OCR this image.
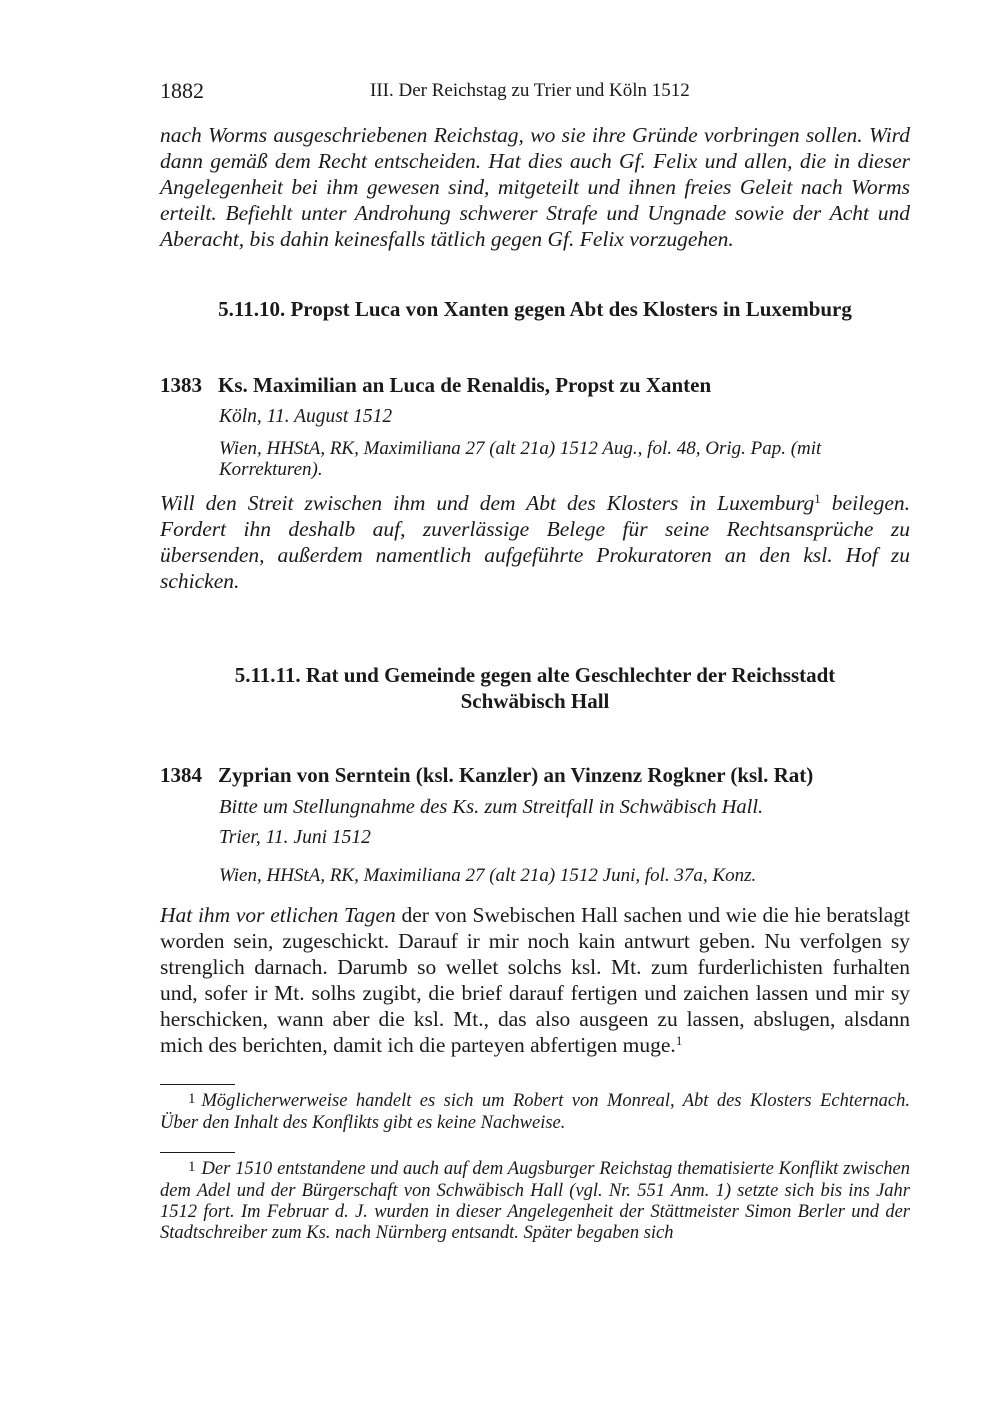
1882	III. Der Reichstag zu Trier und Köln 1512

nach Worms ausgeschriebenen Reichstag, wo sie ihre Gründe vorbringen sollen. Wird dann gemäß dem Recht entscheiden. Hat dies auch Gf. Felix und allen, die in dieser Angelegenheit bei ihm gewesen sind, mitgeteilt und ihnen freies Geleit nach Worms erteilt. Befiehlt unter Androhung schwerer Strafe und Ungnade sowie der Acht und Aberacht, bis dahin keinesfalls tätlich gegen Gf. Felix vorzugehen.

5.11.10. Propst Luca von Xanten gegen Abt des Klosters in Luxemburg

1383 Ks. Maximilian an Luca de Renaldis, Propst zu Xanten

Köln, 11. August 1512

Wien, HHStA, RK, Maximiliana 27 (alt 21a) 1512 Aug., fol. 48, Orig. Pap. (mit Korrekturen).

Will den Streit zwischen ihm und dem Abt des Klosters in Luxemburg$^1$ beilegen. Fordert ihn deshalb auf, zuverlässige Belege für seine Rechtsansprüche zu übersenden, außerdem namentlich aufgeführte Prokuratoren an den ksl. Hof zu schicken.

5.11.11. Rat und Gemeinde gegen alte Geschlechter der Reichsstadt

Schwäbisch Hall

1384 Zyprian von Serntein (ksl. Kanzler) an Vinzenz Rogkner (ksl. Rat)

Bitte um Stellungnahme des Ks. zum Streitfall in Schwäbisch Hall.

Trier, 11. Juni 1512

Wien, HHStA, RK, Maximiliana 27 (alt 21a) 1512 Juni, fol. 37a, Konz.

Hat ihm vor etlichen Tagen der von Swebischen Hall sachen und wie die hie beratslagt worden sein, zugeschickt. Darauf ir mir noch kain antwurt geben. Nu verfolgen sy strenglich darnach. Darumb so wellet solchs ksl. Mt. zum furderlichisten furhalten und, sofer ir Mt. solhs zugibt, die brief darauf fertigen und zaichen lassen und mir sy herschicken, wann aber die ksl. Mt., das also ausgeen zu lassen, abslugen, alsdann mich des berichten, damit ich die parteyen abfertigen muge.$^1$

1 Möglicherwerweise handelt es sich um Robert von Monreal, Abt des Klosters Echternach. Über den Inhalt des Konflikts gibt es keine Nachweise.

1 Der 1510 entstandene und auch auf dem Augsburger Reichstag thematisierte Konflikt zwischen dem Adel und der Bürgerschaft von Schwäbisch Hall (vgl. Nr. 551 Anm. 1) setzte sich bis ins Jahr 1512 fort. Im Februar d. J. wurden in dieser Angelegenheit der Stättmeister Simon Berler und der Stadtschreiber zum Ks. nach Nürnberg entsandt. Später begaben sich
